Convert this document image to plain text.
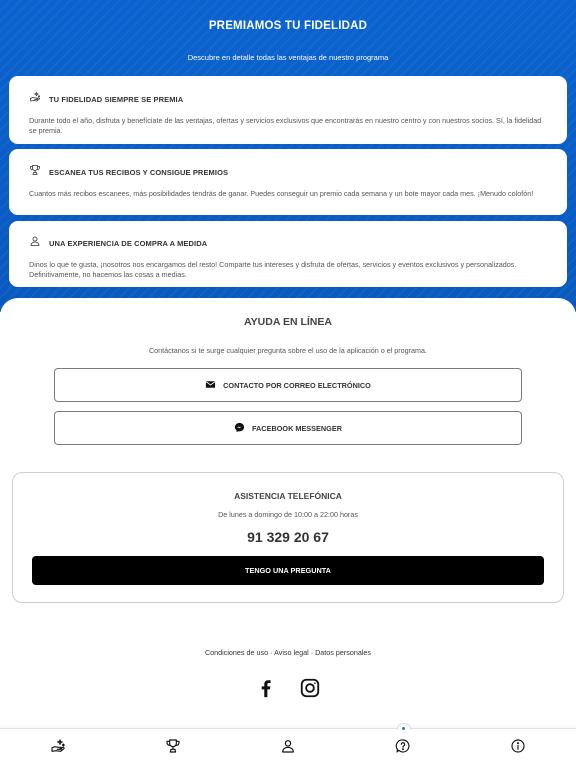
PREMIAMOS TU FIDELIDAD
Descubre en detalle todas las ventajas de nuestro programa
TU FIDELIDAD SIEMPRE SE PREMIA
Durante todo el año, disfruta y benefíciate de las ventajas, ofertas y servicios exclusivos que encontrarás en nuestro centro y con nuestros socios. Sí, la fidelidad se premia.
ESCANEA TUS RECIBOS Y CONSIGUE PREMIOS
Cuantos más recibos escanees, más posibilidades tendrás de ganar. Puedes conseguir un premio cada semana y un bote mayor cada mes. ¡Menudo colofón!
UNA EXPERIENCIA DE COMPRA A MEDIDA
Dinos lo que te gusta, ¡nosotros nos encargamos del resto! Comparte tus intereses y disfruta de ofertas, servicios y eventos exclusivos y personalizados. Definitivamente, no hacemos las cosas a medias.
AYUDA EN LÍNEA
Contáctanos si te surge cualquier pregunta sobre el uso de la aplicación o el programa.
CONTACTO POR CORREO ELECTRÓNICO
FACEBOOK MESSENGER
ASISTENCIA TELEFÓNICA
De lunes a domingo de 10:00 a 22:00 horas
91 329 20 67
TENGO UNA PREGUNTA
Condiciones de uso · Aviso legal · Datos personales
